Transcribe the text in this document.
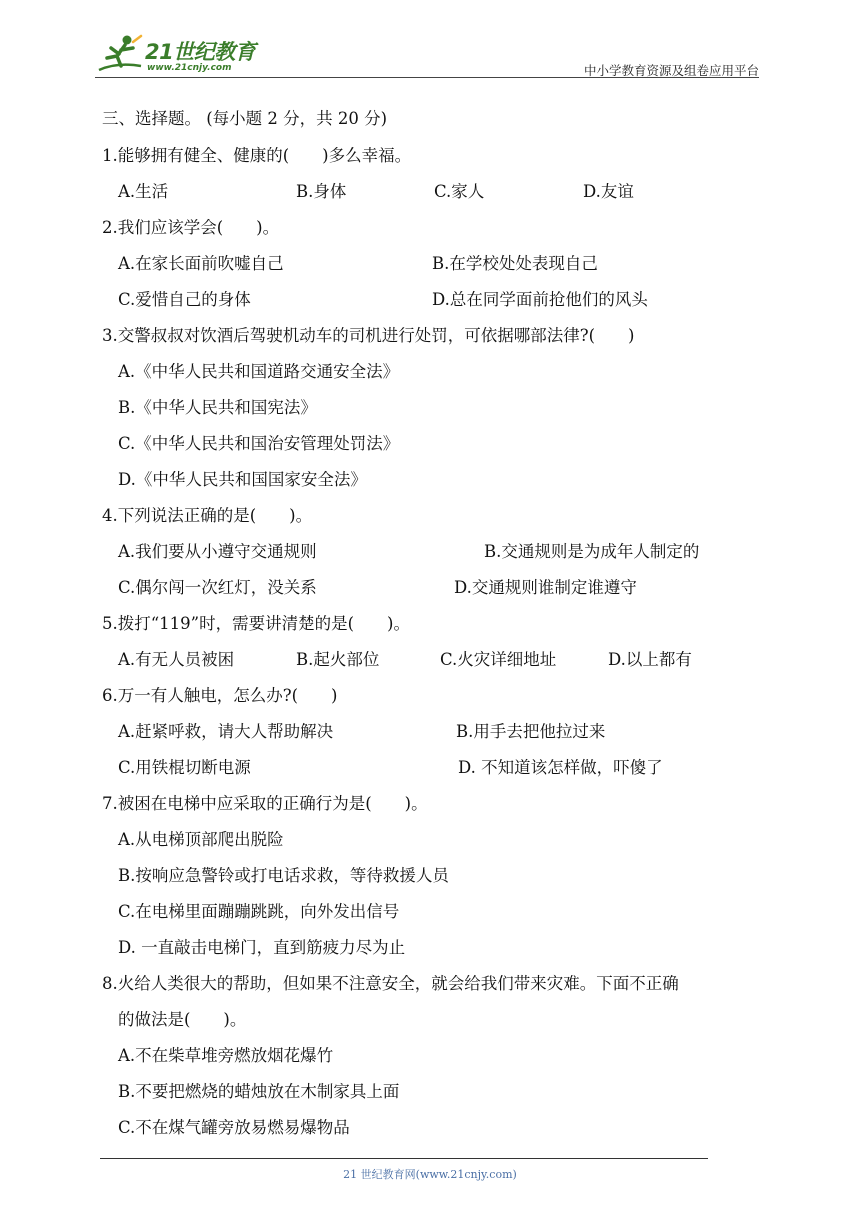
21世纪教育
www.21cnjy.com	中小学教育资源及组卷应用平台
三、选择题。 (每小题 2 分，共 20 分)
1.能够拥有健全、健康的(　　)多么幸福。
A.生活	B.身体	C.家人	D.友谊
2.我们应该学会(　　)。
A.在家长面前吹嘘自己	B.在学校处处表现自己
C.爱惜自己的身体	D.总在同学面前抢他们的风头
3.交警叔叔对饮酒后驾驶机动车的司机进行处罚，可依据哪部法律?(　　)
A.《中华人民共和国道路交通安全法》
B.《中华人民共和国宪法》
C.《中华人民共和国治安管理处罚法》
D.《中华人民共和国国家安全法》
4.下列说法正确的是(　　)。
A.我们要从小遵守交通规则	B.交通规则是为成年人制定的
C.偶尔闯一次红灯，没关系	D.交通规则谁制定谁遵守
5.拨打“119”时，需要讲清楚的是(　　)。
A.有无人员被困	B.起火部位	C.火灾详细地址	D.以上都有
6.万一有人触电，怎么办?(　　)
A.赶紧呼救，请大人帮助解决	B.用手去把他拉过来
C.用铁棍切断电源	D. 不知道该怎样做，吓傻了
7.被困在电梯中应采取的正确行为是(　　)。
A.从电梯顶部爬出脱险
B.按响应急警铃或打电话求救，等待救援人员
C.在电梯里面蹦蹦跳跳，向外发出信号
D. 一直敲击电梯门，直到筋疲力尽为止
8.火给人类很大的帮助，但如果不注意安全，就会给我们带来灾难。下面不正确
的做法是(　　)。
A.不在柴草堆旁燃放烟花爆竹
B.不要把燃烧的蜡烛放在木制家具上面
C.不在煤气罐旁放易燃易爆物品
21 世纪教育网(www.21cnjy.com)
